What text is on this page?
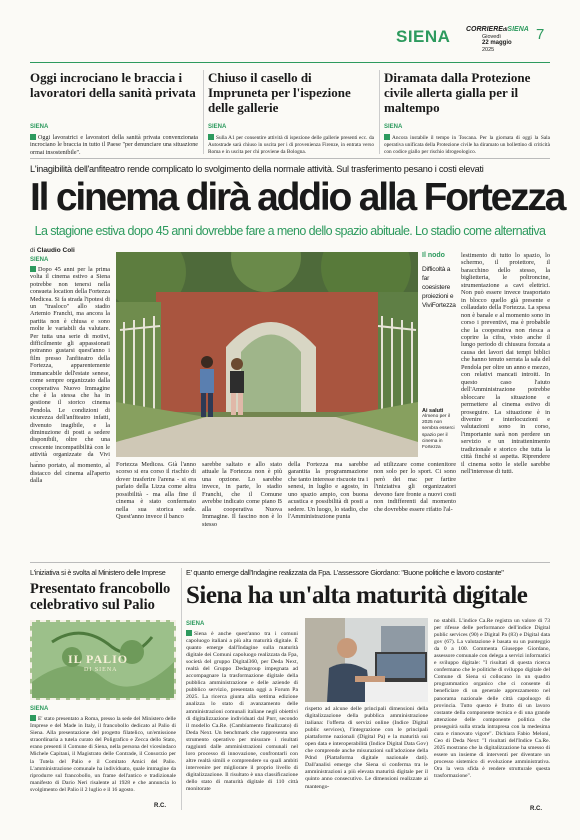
SIENA CORRIEREdiSIENA
Giovedì
22 maggio
2025
7
Oggi incrociano le braccia i lavoratori della sanità privata
SIENA
Oggi lavoratrici e lavoratori della sanità privata convenzionata incrociano le braccia in tutto il Paese "per denunciare una situazione ormai insostenibile".
Chiuso il casello di Impruneta per l'ispezione delle gallerie
SIENA
Sulla A1 per consentire attività di ispezione delle gallerie presenti ecc. da Autostrade sarà chiuso in uscita per i di provenienza Firenze, in entrata verso Roma e in uscita per chi proviene da Bologna.
Diramata dalla Protezione civile allerta gialla per il maltempo
SIENA
Ancora instabile il tempo in Toscana. Per la giornata di oggi la Sala operativa unificata della Protezione civile ha diramato un bollettino di criticità con codice giallo per rischio idrogeologico.
L'inagibilità dell'anfiteatro rende complicato lo svolgimento della normale attività. Sul trasferimento pesano i costi elevati
Il cinema dirà addio alla Fortezza
La stagione estiva dopo 45 anni dovrebbe fare a meno dello spazio abituale. Lo stadio come alternativa
di Claudio Coli
SIENA
Dopo 45 anni per la prima volta il cinema estivo a Siena potrebbe non tenersi nella consueta location della Fortezza Medicea. Si fa strada l'ipotesi di un "trasloco" allo stadio Artemio Franchi, ma ancora la partita non è chiusa e sono molte le variabili da valutare. Per tutta una serie di motivi, difficilmente gli appassionati potranno gustarsi quest'anno i film presso l'anfiteatro della Fortezza, apparentemente immancabile dell'estate senese, come sempre organizzato dalla cooperativa Nuovo Immagine che è la stessa che ha in gestione il storico cinema Pendola. Le condizioni di sicurezza dell'anfiteatro infatti, divenuto inagibile, e la diminuzione di posti a sedere disponibili, oltre che una crescente incompatibilità con le attività organizzate da Vivi
Il nodo
Difficoltà a far coesistere proiezioni e ViviFortezza
Ai saluti
Almeno per il 2025 non sembra esserci spazio per il cinema in Fortezza
lestimento di tutto lo spazio, lo schermo, il proiettore, il baracchino dello stesso, la biglietteria, le poltroncine, strumentazione a cavi elettrici. Non può essere invece trasportato in blocco quello già presente e collaudato della Fortezza. La spesa non è banale e al momento sono in corso i preventivi, ma è probabile che la cooperativa non riesca a coprire la cifra, visto anche il lungo periodo di chiusura forzata a causa dei lavori dai tempi biblici che hanno tenuto serrata la sala del Pendola per oltre un anno e mezzo, con relativi mancati introiti. In questo caso l'aiuto dell'Amministrazione potrebbe sbloccare la situazione e permettere al cinema estivo di proseguire. La situazione è in divenire e interlocuzioni e valutazioni sono in corso, l'importante sarà non perdere un servizio e un intrattenimento tradizionale e storico che tutta la città finché si aspetta. Riprendere il cinema sotto le stelle sarebbe nell'interesse di tutti.
Fortezza Medicea. Già l'anno scorso si era corso il rischio di dover trasferire l'arena - si era parlato della Lizza come altra possibilità - ma alla fine il cinema è stato confermato nella sua storica sede. Quest'anno invece il banco
sarebbe saltato e allo stato attuale la Fortezza non è più una opzione. Lo sarebbe invece, in parte, lo stadio Franchi, che il Comune avrebbe indicato come piano B alla cooperativa Nuova Immagine. Il fascino non è lo stesso
della Fortezza ma sarebbe garantita la programmazione che tanto interesse riscuote tra i senesi, in luglio e agosto, in uno spazio ampio, con buona acustica e possibilità di posti a sedere. Un luogo, lo stadio, che l'Amministrazione punta
ad utilizzare come contenitore non solo per lo sport. Ci sono però dei ma: per fartire l'iniziativa gli organizzatori devono fare fronte a nuovi costi non indifferenti dal momento che dovrebbe essere rifatto l'al-
hanno portato, al momento, al distacco del cinema all'aperto dalla
L'iniziativa si è svolta al Ministero delle Imprese
Presentato francobollo celebrativo sul Palio
IL PALIO
DI SIENA
SIENA
E' stato presentato a Roma, presso la sede del Ministero delle Imprese e del Made in Italy, il francobollo dedicato al Palio di Siena. Alla presentazione del progetto filatelico, un'emissione straordinaria a tutela curato del Poligrafico e Zecca dello Stato, erano presenti il Comune di Siena, nella persona del vicesindaco Michele Capitani, il Magistrato delle Contrade, il Consorzio per la Tutela del Palio e il Comitato Amici del Palio. L'amministrazione comunale ha individuato, quale immagine da riprodurre sul francobollo, un frame dell'antico e tradizionale manifesto di Dario Neri risalente al 1928 e che annuncia lo svolgimento del Palio il 2 luglio e il 16 agosto.
R.C.
E' quanto emerge dall'Indagine realizzata da Fpa. L'assessore Giordano: "Buone politiche e lavoro costante"
Siena ha un'alta maturità digitale
SIENA
Siena è anche quest'anno tra i comuni capoluogo italiani a più alta maturità digitale. È quanto emerge dall'Indagine sulla maturità digitale dei Comuni capoluogo realizzata da Fpa, società del gruppo Digital360, per Deda Next, realtà del Gruppo Dedagroup impegnata ad accompagnare la trasformazione digitale della pubblica amministrazione e delle aziende di pubblico servizio, presentata oggi a Forum Pa 2025. La ricerca giunta alla settima edizione analizza lo stato di avanzamento delle amministrazioni comunali italiane negli obiettivi di digitalizzazione individuati dal Pnrr, secondo il modello Ca.Re. (Cambiamento finalizzato) di Deda Next. Un benchmark che rappresenta uno strumento operativo per misurare i risultati raggiunti dalle amministrazioni comunali nel loro processo di innovazione, confrontarli con altre realtà simili e comprendere su quali ambiti intervenire per migliorare il proprio livello di digitalizzazione. Il risultato è una classificazione dello stato di maturità digitale di 110 città monitorate
rispetto ad alcune delle principali dimensioni della digitalizzazione della pubblica amministrazione italiana: l'offerta di servizi online (Indice Digital public services), l'integrazione con le principali piattaforme nazionali (Digital Pa) e la maturità sui open data e interoperabilità (Indice Digital Data Gov) che comprende anche misurazioni sull'adozione della Pdnd (Piattaforma digitale nazionale dati). Dall'analisi emerge che Siena si conferma tra le amministrazioni a più elevata maturità digitale per il quinto anno consecutivo. Le dimensioni realizzate ai mantengo-
no stabili. L'indice Ca.Re registra un valore di 73 per rifesse delle performance dell'indice Digital public services (90) e Digital Pa (83) e Digital data gov (67). La valutazione è basata su un punteggio da 0 a 100. Commenta Giuseppe Giordano, assessore comunale con delega a servizi informatici e sviluppo digitale: "I risultati di questa ricerca confermano che le politiche di sviluppo digitale del Comune di Siena si collocano in un quadro programmatico organico che ci consente di beneficiare di un generale apprezzamento nel panorama nazionale delle città capoluogo di provincia. Tutto questo è frutto di un lavoro costante della componente tecnica e di una grande attenzione delle componente politica che proseguirà sulla strada intrapresa con la medesima cura e rinnovato vigore". Dichiara Fabio Meloni, Ceo di Deda Next: "I risultati dell'Indice Ca.Re. 2025 mostrano che la digitalizzazione ha smesso di essere un insieme di interventi per diventare un processo sistemico di evoluzione amministrativa. Ora la vera sfida è rendere strutturale questa trasformazione".
R.C.
